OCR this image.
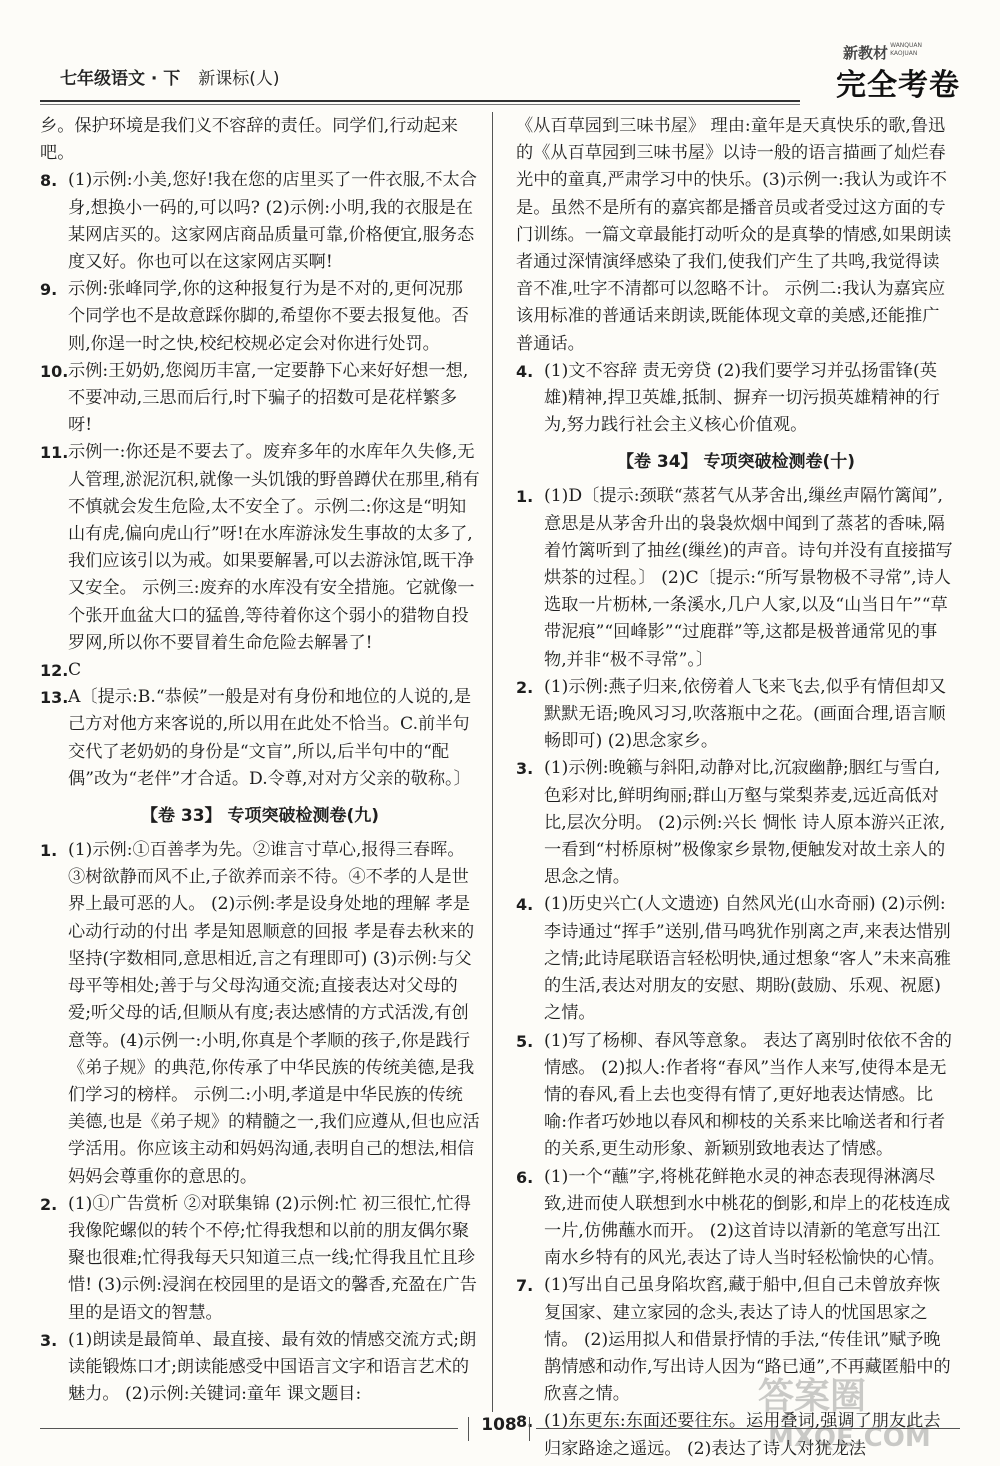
七年级语文 · 下 新课标(人)
新教材 WANQUAN
KAOJUAN
完全考卷

乡。保护环境是我们义不容辞的责任。同学们,行动起来吧。

8. (1)示例:小美,您好!我在您的店里买了一件衣服,不太合身,想换小一码的,可以吗? (2)示例:小明,我的衣服是在某网店买的。这家网店商品质量可靠,价格便宜,服务态度又好。你也可以在这家网店买啊!
9. 示例:张峰同学,你的这种报复行为是不对的,更何况那个同学也不是故意踩你脚的,希望你不要去报复他。否则,你逞一时之快,校纪校规必定会对你进行处罚。
10. 示例:王奶奶,您阅历丰富,一定要静下心来好好想一想,不要冲动,三思而后行,时下骗子的招数可是花样繁多呀!
11. 示例一:你还是不要去了。废弃多年的水库年久失修,无人管理,淤泥沉积,就像一头饥饿的野兽蹲伏在那里,稍有不慎就会发生危险,太不安全了。示例二:你这是“明知山有虎,偏向虎山行”呀!在水库游泳发生事故的太多了,我们应该引以为戒。如果要解暑,可以去游泳馆,既干净又安全。 示例三:废弃的水库没有安全措施。它就像一个张开血盆大口的猛兽,等待着你这个弱小的猎物自投罗网,所以你不要冒着生命危险去解暑了!
12. C
13. A〔提示:B.“恭候”一般是对有身份和地位的人说的,是己方对他方来客说的,所以用在此处不恰当。C.前半句交代了老奶奶的身份是“文盲”,所以,后半句中的“配偶”改为“老伴”才合适。D.令尊,对对方父亲的敬称。〕
【卷 33】 专项突破检测卷(九)
1. (1)示例:①百善孝为先。②谁言寸草心,报得三春晖。③树欲静而风不止,子欲养而亲不待。④不孝的人是世界上最可恶的人。 (2)示例:孝是设身处地的理解 孝是心动行动的付出 孝是知恩顺意的回报 孝是春去秋来的坚持(字数相同,意思相近,言之有理即可) (3)示例:与父母平等相处;善于与父母沟通交流;直接表达对父母的爱;听父母的话,但顺从有度;表达感情的方式活泼,有创意等。(4)示例一:小明,你真是个孝顺的孩子,你是践行《弟子规》的典范,你传承了中华民族的传统美德,是我们学习的榜样。 示例二:小明,孝道是中华民族的传统美德,也是《弟子规》的精髓之一,我们应遵从,但也应活学活用。你应该主动和妈妈沟通,表明自己的想法,相信妈妈会尊重你的意思的。
2. (1)①广告赏析 ②对联集锦 (2)示例:忙 初三很忙,忙得我像陀螺似的转个不停;忙得我想和以前的朋友偶尔聚聚也很难;忙得我每天只知道三点一线;忙得我且忙且珍惜! (3)示例:浸润在校园里的是语文的馨香,充盈在广告里的是语文的智慧。
3. (1)朗读是最简单、最直接、最有效的情感交流方式;朗读能锻炼口才;朗读能感受中国语言文字和语言艺术的魅力。 (2)示例:关键词:童年 课文题目:

《从百草园到三味书屋》 理由:童年是天真快乐的歌,鲁迅的《从百草园到三味书屋》以诗一般的语言描画了灿烂春光中的童真,严肃学习中的快乐。(3)示例一:我认为或许不是。虽然不是所有的嘉宾都是播音员或者受过这方面的专门训练。一篇文章最能打动听众的是真挚的情感,如果朗读者通过深情演绎感染了我们,使我们产生了共鸣,我觉得读音不准,吐字不清都可以忽略不计。 示例二:我认为嘉宾应该用标准的普通话来朗读,既能体现文章的美感,还能推广普通话。

4. (1)文不容辞 责无旁贷 (2)我们要学习并弘扬雷锋(英雄)精神,捍卫英雄,抵制、摒弃一切污损英雄精神的行为,努力践行社会主义核心价值观。
【卷 34】 专项突破检测卷(十)
1. (1)D〔提示:颈联“蒸茗气从茅舍出,缫丝声隔竹篱闻”,意思是从茅舍升出的袅袅炊烟中闻到了蒸茗的香味,隔着竹篱听到了抽丝(缫丝)的声音。诗句并没有直接描写烘茶的过程。〕 (2)C〔提示:“所写景物极不寻常”,诗人选取一片枥林,一条溪水,几户人家,以及“山当日午”“草带泥痕”“回峰影”“过鹿群”等,这都是极普通常见的事物,并非“极不寻常”。〕
2. (1)示例:燕子归来,依傍着人飞来飞去,似乎有情但却又默默无语;晚风习习,吹落瓶中之花。(画面合理,语言顺畅即可) (2)思念家乡。
3. (1)示例:晚籁与斜阳,动静对比,沉寂幽静;胭红与雪白,色彩对比,鲜明绚丽;群山万壑与棠梨荞麦,远近高低对比,层次分明。 (2)示例:兴长 惆怅 诗人原本游兴正浓,一看到“村桥原树”极像家乡景物,便触发对故土亲人的思念之情。
4. (1)历史兴亡(人文遗迹) 自然风光(山水奇丽) (2)示例:李诗通过“挥手”送别,借马鸣犹作别离之声,来表达惜别之情;此诗尾联语言轻松明快,通过想象“客人”未来高雅的生活,表达对朋友的安慰、期盼(鼓励、乐观、祝愿)之情。
5. (1)写了杨柳、春风等意象。 表达了离别时依依不舍的情感。 (2)拟人:作者将“春风”当作人来写,使得本是无情的春风,看上去也变得有情了,更好地表达情感。比喻:作者巧妙地以春风和柳枝的关系来比喻送者和行者的关系,更生动形象、新颖别致地表达了情感。
6. (1)一个“蘸”字,将桃花鲜艳水灵的神态表现得淋漓尽致,进而使人联想到水中桃花的倒影,和岸上的花枝连成一片,仿佛蘸水而开。 (2)这首诗以清新的笔意写出江南水乡特有的风光,表达了诗人当时轻松愉快的心情。
7. (1)写出自己虽身陷坎窞,藏于船中,但自己未曾放弃恢复国家、建立家园的念头,表达了诗人的忧国思家之情。 (2)运用拟人和借景抒情的手法,“传佳讯”赋予晚鹊情感和动作,写出诗人因为“路已通”,不再藏匿船中的欣喜之情。
8. (1)东更东:东面还要往东。运用叠词,强调了朋友此去归家路途之遥远。 (2)表达了诗人对犹龙法
108
答案圈
MXQE.COM
